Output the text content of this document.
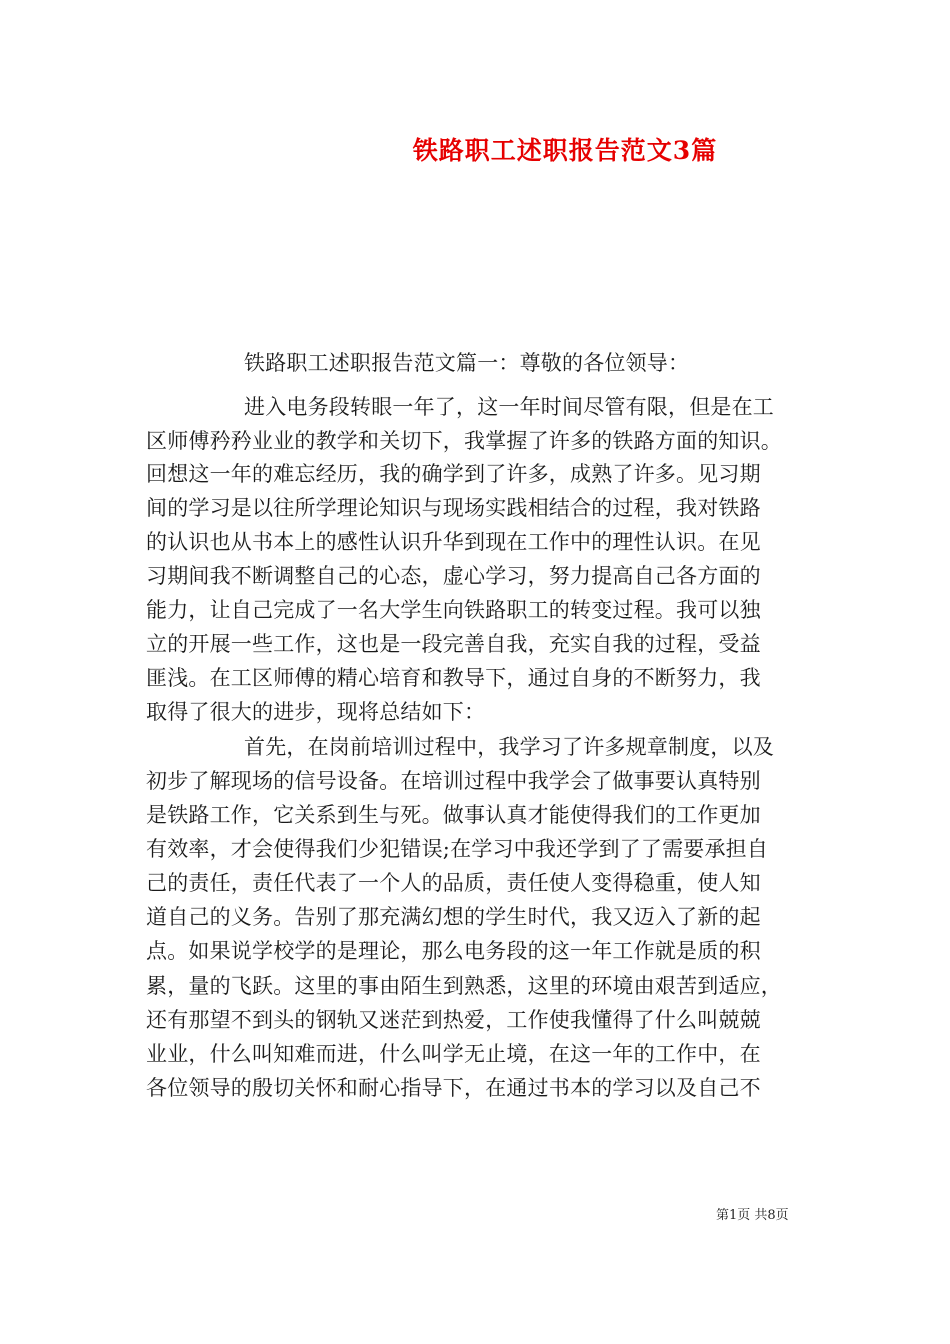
铁路职工述职报告范文3篇
铁路职工述职报告范文篇一：尊敬的各位领导：
进入电务段转眼一年了，这一年时间尽管有限，但是在工
区师傅矜矜业业的教学和关切下，我掌握了许多的铁路方面的知识。
回想这一年的难忘经历，我的确学到了许多，成熟了许多。见习期
间的学习是以往所学理论知识与现场实践相结合的过程，我对铁路
的认识也从书本上的感性认识升华到现在工作中的理性认识。在见
习期间我不断调整自己的心态，虚心学习，努力提高自己各方面的
能力，让自己完成了一名大学生向铁路职工的转变过程。我可以独
立的开展一些工作，这也是一段完善自我，充实自我的过程，受益
匪浅。在工区师傅的精心培育和教导下，通过自身的不断努力，我
取得了很大的进步，现将总结如下：
首先，在岗前培训过程中，我学习了许多规章制度，以及
初步了解现场的信号设备。在培训过程中我学会了做事要认真特别
是铁路工作，它关系到生与死。做事认真才能使得我们的工作更加
有效率，才会使得我们少犯错误;在学习中我还学到了了需要承担自
己的责任，责任代表了一个人的品质，责任使人变得稳重，使人知
道自己的义务。告别了那充满幻想的学生时代，我又迈入了新的起
点。如果说学校学的是理论，那么电务段的这一年工作就是质的积
累，量的飞跃。这里的事由陌生到熟悉，这里的环境由艰苦到适应，
还有那望不到头的钢轨又迷茫到热爱，工作使我懂得了什么叫兢兢
业业，什么叫知难而进，什么叫学无止境，在这一年的工作中，在
各位领导的殷切关怀和耐心指导下，在通过书本的学习以及自己不
第1页 共8页
